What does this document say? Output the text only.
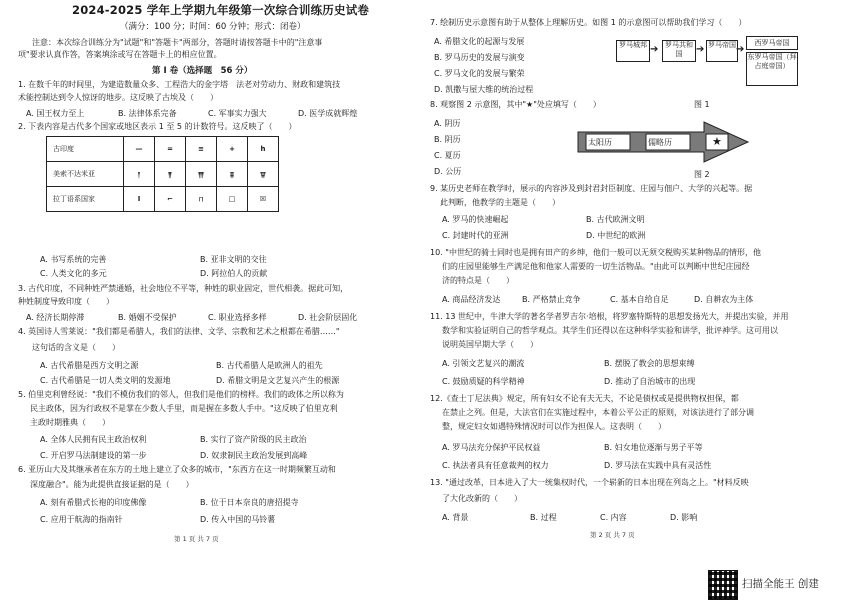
2024-2025 学年上学期九年级第一次综合训练历史试卷
（满分：100 分；时间：60 分钟；形式：闭卷）
注意：本次综合训练分为"试题"和"答题卡"两部分，答题时请按答题卡中的"注意事
项"要求认真作答，答案填涂或写在答题卡上的相应位置。
第 I 卷（选择题　56 分）
1. 在数千年的时间里，为建造数量众多、工程浩大的金字塔　法老对劳动力、财政和建筑技
术能控制达到令人惊讶的地步。这反映了古埃及（　　）
A. 国王权力至上	B. 法律体系完备	C. 军事实力强大	D. 医学成就辉煌
2. 下表内容是古代多个国家或地区表示 1 至 5 的计数符号。这反映了（　　）
古印度	—	=	≡	+	h
美索不达米亚	𒁹	𒈫	𒐈	𒐉	𒐊
拉丁语系国家	I	⌐	ㄇ	□	☒
A. 书写系统的完善	B. 亚非文明的交往
C. 人类文化的多元	D. 阿拉伯人的贡献
3. 古代印度，不同种姓严禁通婚，社会地位不平等，种姓的职业固定，世代相袭。据此可知，
种姓制度导致印度（　　）
A. 经济长期停滞	B. 婚姻不受保护	C. 职业选择多样	D. 社会阶层固化
4. 英国诗人雪莱说："我们都是希腊人，我们的法律、文学、宗教和艺术之根都在希腊……"
这句话的含义是（　　）
A. 古代希腊是西方文明之源	B. 古代希腊人是欧洲人的祖先
C. 古代希腊是一切人类文明的发源地	D. 希腊文明是文艺复兴产生的根源
5. 伯里克利曾经说："我们不模仿我们的邻人，但我们是他们的榜样。我们的政体之所以称为
民主政体，因为行政权不是掌在少数人手里，而是握在多数人手中。"这反映了伯里克利
主政时期雅典（　　）
A. 全体人民拥有民主政治权利	B. 实行了资产阶级的民主政治
C. 开启罗马法制建设的第一步	D. 奴隶制民主政治发展到高峰
6. 亚历山大及其继承者在东方的土地上建立了众多的城市，"东西方在这一时期频繁互动和
深度融合"。能为此提供直接证据的是（　　）
A. 刻有希腊式长袍的印度佛像	B. 位于日本奈良的唐招提寺
C. 应用于航海的指南针	D. 传入中国的马铃薯
第 1 页 共 7 页
7. 绘制历史示意图有助于从整体上理解历史。如图 1 的示意图可以帮助我们学习（　　）
A. 希腊文化的起源与发展
B. 罗马历史的发展与演变
C. 罗马文化的发展与繁荣
D. 凯撒与屋大维的统治过程
罗马城邦 ➔ 罗马共和国	➔ 罗马帝国 ➔
西罗马帝国
东罗马帝国（拜占庭帝国）
图 1
8. 观察图 2 示意图，其中"★"处应填写（　　）
A. 阴历
B. 阴历
C. 夏历
D. 公历
太阳历	儒略历	★
图 2
9. 某历史老师在教学时，展示的内容涉及到封君封臣制度、庄园与佃户、大学的兴起等。据
此判断，他教学的主题是（　　）
A. 罗马的快速崛起	B. 古代欧洲文明
C. 封建时代的亚洲	D. 中世纪的欧洲
10. "中世纪的骑士同时也是拥有田产的乡绅，他们一般可以无须交税购买某种物品的情形，他
们的庄园里能够生产满足他和他家人需要的一切生活物品。"由此可以判断中世纪庄园经
济的特点是（　　）
A. 商品经济发达	B. 严格禁止竞争	C. 基本自给自足	D. 自耕农为主体
11. 13 世纪中，牛津大学的著名学者罗吉尔·培根，将罗塞特斯特的思想发扬光大，并提出实验，并用
数学和实验证明自己的哲学观点。其学生们还得以在这种科学实验和讲学，批评神学。这可用以
说明英国早期大学（　　）
A. 引领文艺复兴的潮流	B. 摆脱了教会的思想束缚
C. 鼓励质疑的科学精神	D. 推动了自治城市的出现
12.《查士丁尼法典》规定，所有妇女不论有夫无夫，不论是债权或是提供物权担保，都
在禁止之列。但是，大法官们在实施过程中，本着公平公正的原则，对该法进行了部分调
整，规定妇女如遇特殊情况时可以作为担保人。这表明（　　）
A. 罗马法充分保护平民权益	B. 妇女地位逐渐与男子平等
C. 执法者具有任意裁判的权力	D. 罗马法在实践中具有灵活性
13. "通过改革，日本进入了大一统集权时代，一个崭新的日本出现在列岛之上。"材料反映
了大化改新的（　　）
A. 背景	B. 过程	C. 内容	D. 影响
第 2 页 共 7 页
扫描全能王 创建
